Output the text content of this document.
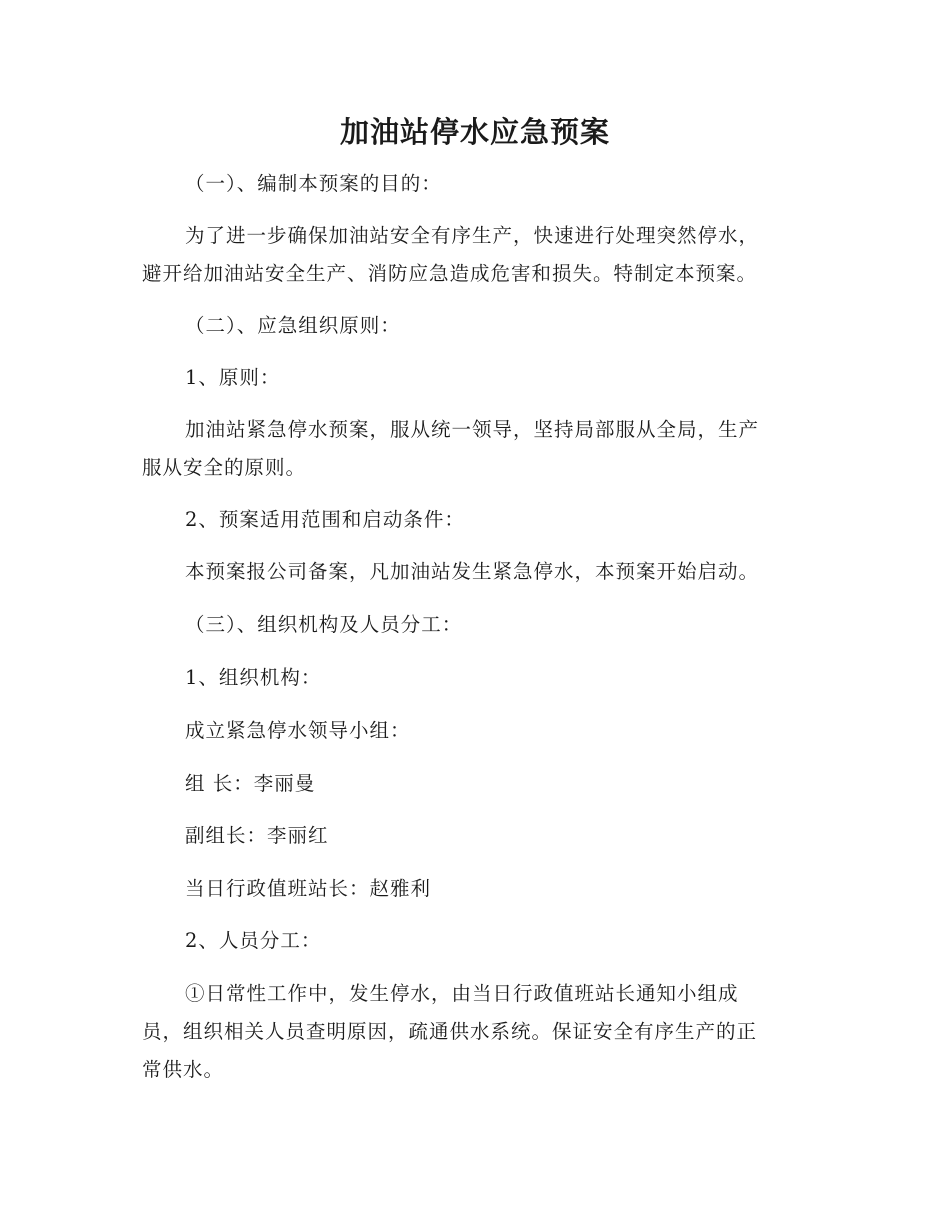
加油站停水应急预案

（一）、编制本预案的目的：

为了进一步确保加油站安全有序生产，快速进行处理突然停水，
避开给加油站安全生产、消防应急造成危害和损失。特制定本预案。

（二）、应急组织原则：

1、原则：

加油站紧急停水预案，服从统一领导，坚持局部服从全局，生产
服从安全的原则。

2、预案适用范围和启动条件：

本预案报公司备案，凡加油站发生紧急停水，本预案开始启动。

（三）、组织机构及人员分工：

1、组织机构：

成立紧急停水领导小组：

组 长：李丽曼

副组长：李丽红

当日行政值班站长：赵雅利

2、人员分工：

①日常性工作中，发生停水，由当日行政值班站长通知小组成
员，组织相关人员查明原因，疏通供水系统。保证安全有序生产的正
常供水。
